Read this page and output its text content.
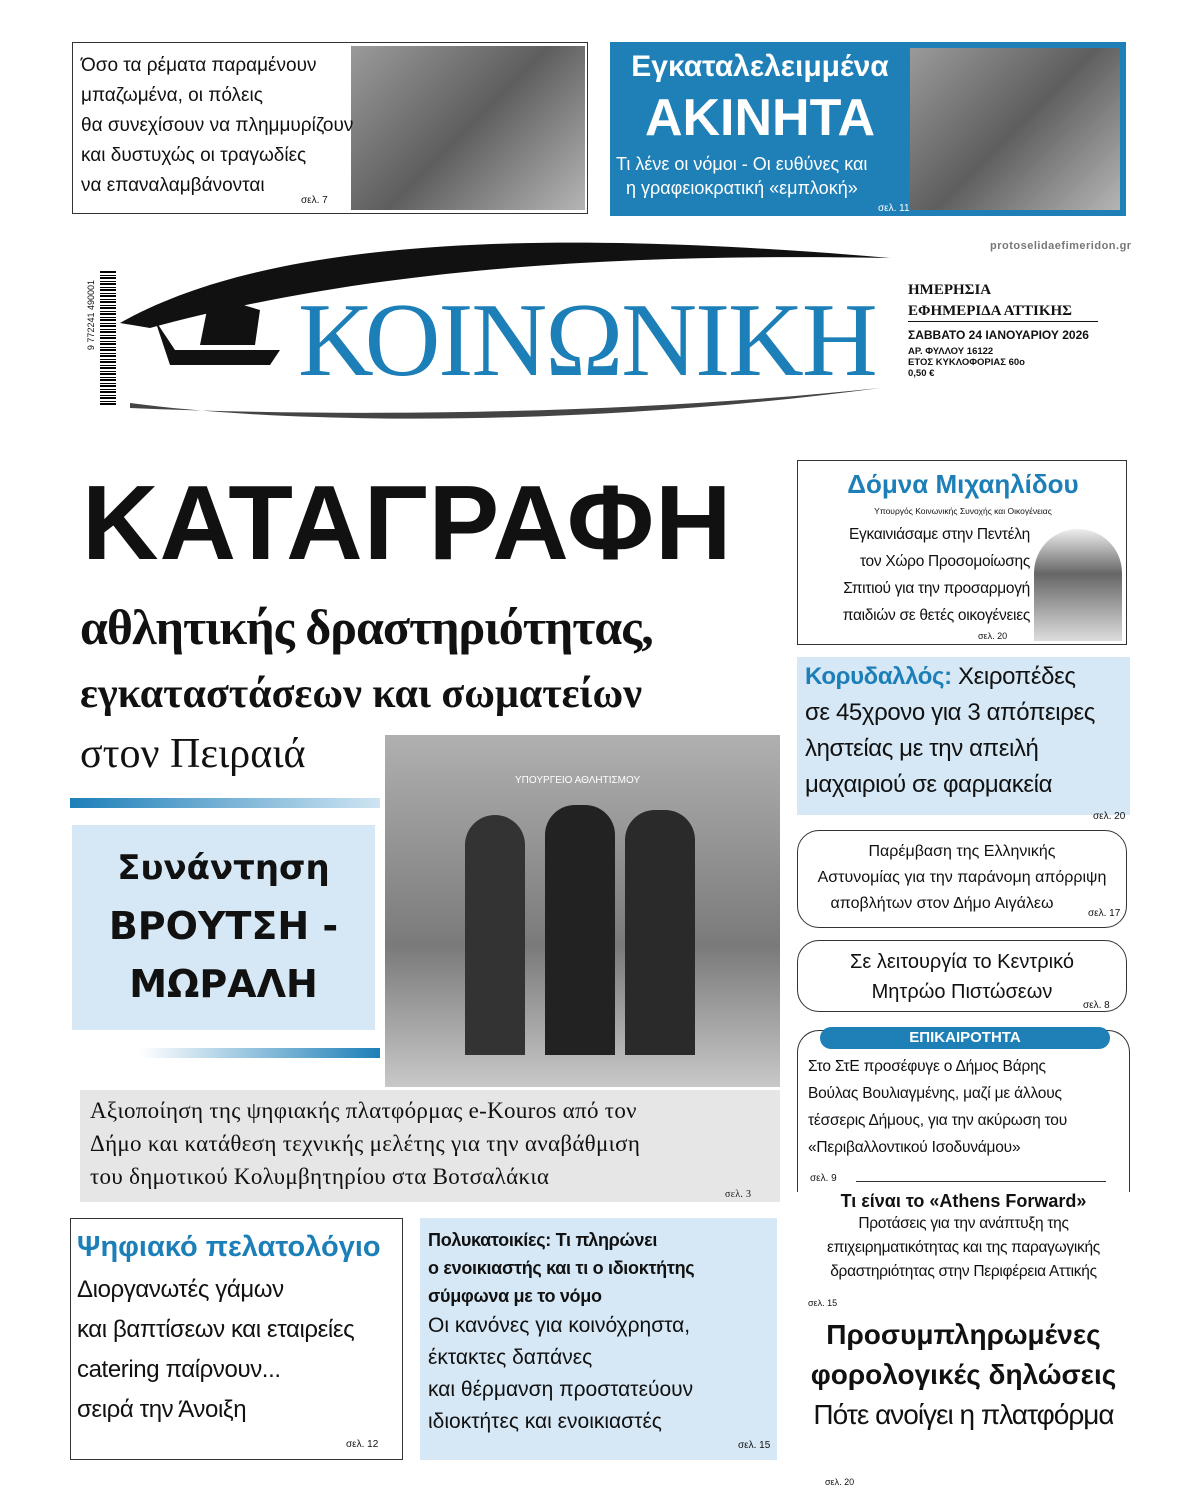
Όσο τα ρέματα παραμένουν
μπαζωμένα, οι πόλεις
θα συνεχίσουν να πλημμυρίζουν
και δυστυχώς οι τραγωδίες
να επαναλαμβάνονται
σελ. 7
Εγκαταλελειμμένα
ΑΚΙΝΗΤΑ
Τι λένε οι νόμοι - Οι ευθύνες και
η γραφειοκρατική «εμπλοκή»
σελ. 11
protoselidaefimeridon.gr
9 772241 490001 ΚΟΙΝΩΝΙΚΗ ΗΜΕΡΗΣΙΑ
ΕΦΗΜΕΡΙΔΑ ΑΤΤΙΚΗΣ
ΣΑΒΒΑΤΟ 24 ΙΑΝΟΥΑΡΙΟΥ 2026
ΑΡ. ΦΥΛΛΟΥ 16122
ΕΤΟΣ ΚΥΚΛΟΦΟΡΙΑΣ 60ο
0,50 €
ΚΑΤΑΓΡΑΦΗ
αθλητικής δραστηριότητας,
εγκαταστάσεων και σωματείων
στον Πειραιά
Συνάντηση
ΒΡΟΥΤΣΗ -
ΜΩΡΑΛΗ
ΥΠΟΥΡΓΕΙΟ ΑΘΛΗΤΙΣΜΟΥ
Αξιοποίηση της ψηφιακής πλατφόρμας e-Kouros από τον
Δήμο και κατάθεση τεχνικής μελέτης για την αναβάθμιση
του δημοτικού Κολυμβητηρίου στα Βοτσαλάκια
σελ. 3
Ψηφιακό πελατολόγιο
Διοργανωτές γάμων
και βαπτίσεων και εταιρείες
catering παίρνουν...
σειρά την Άνοιξη
σελ. 12
Πολυκατοικίες: Τι πληρώνει
ο ενοικιαστής και τι ο ιδιοκτήτης
σύμφωνα με το νόμο
Οι κανόνες για κοινόχρηστα,
έκτακτες δαπάνες
και θέρμανση προστατεύουν
ιδιοκτήτες και ενοικιαστές
σελ. 15
Δόμνα Μιχαηλίδου
Υπουργός Κοινωνικής Συνοχής και Οικογένειας
Εγκαινιάσαμε στην Πεντέλη
τον Χώρο Προσομοίωσης
Σπιτιού για την προσαρμογή
παιδιών σε θετές οικογένειες
σελ. 20
Κορυδαλλός: Χειροπέδες
σε 45χρονο για 3 απόπειρες
ληστείας με την απειλή
μαχαιριού σε φαρμακεία
σελ. 20
Παρέμβαση της Ελληνικής
Αστυνομίας για την παράνομη απόρριψη
αποβλήτων στον Δήμο Αιγάλεω
σελ. 17
Σε λειτουργία το Κεντρικό
Μητρώο Πιστώσεων
σελ. 8
ΕΠΙΚΑΙΡΟΤΗΤΑ
Στο ΣτΕ προσέφυγε ο Δήμος Βάρης
Βούλας Βουλιαγμένης, μαζί με άλλους
τέσσερις Δήμους, για την ακύρωση του
«Περιβαλλοντικού Ισοδυνάμου»
σελ. 9
Τι είναι το «Athens Forward»
Προτάσεις για την ανάπτυξη της
επιχειρηματικότητας και της παραγωγικής
δραστηριότητας στην Περιφέρεια Αττικής
σελ. 15
Προσυμπληρωμένες
φορολογικές δηλώσεις
Πότε ανοίγει η πλατφόρμα
σελ. 20
